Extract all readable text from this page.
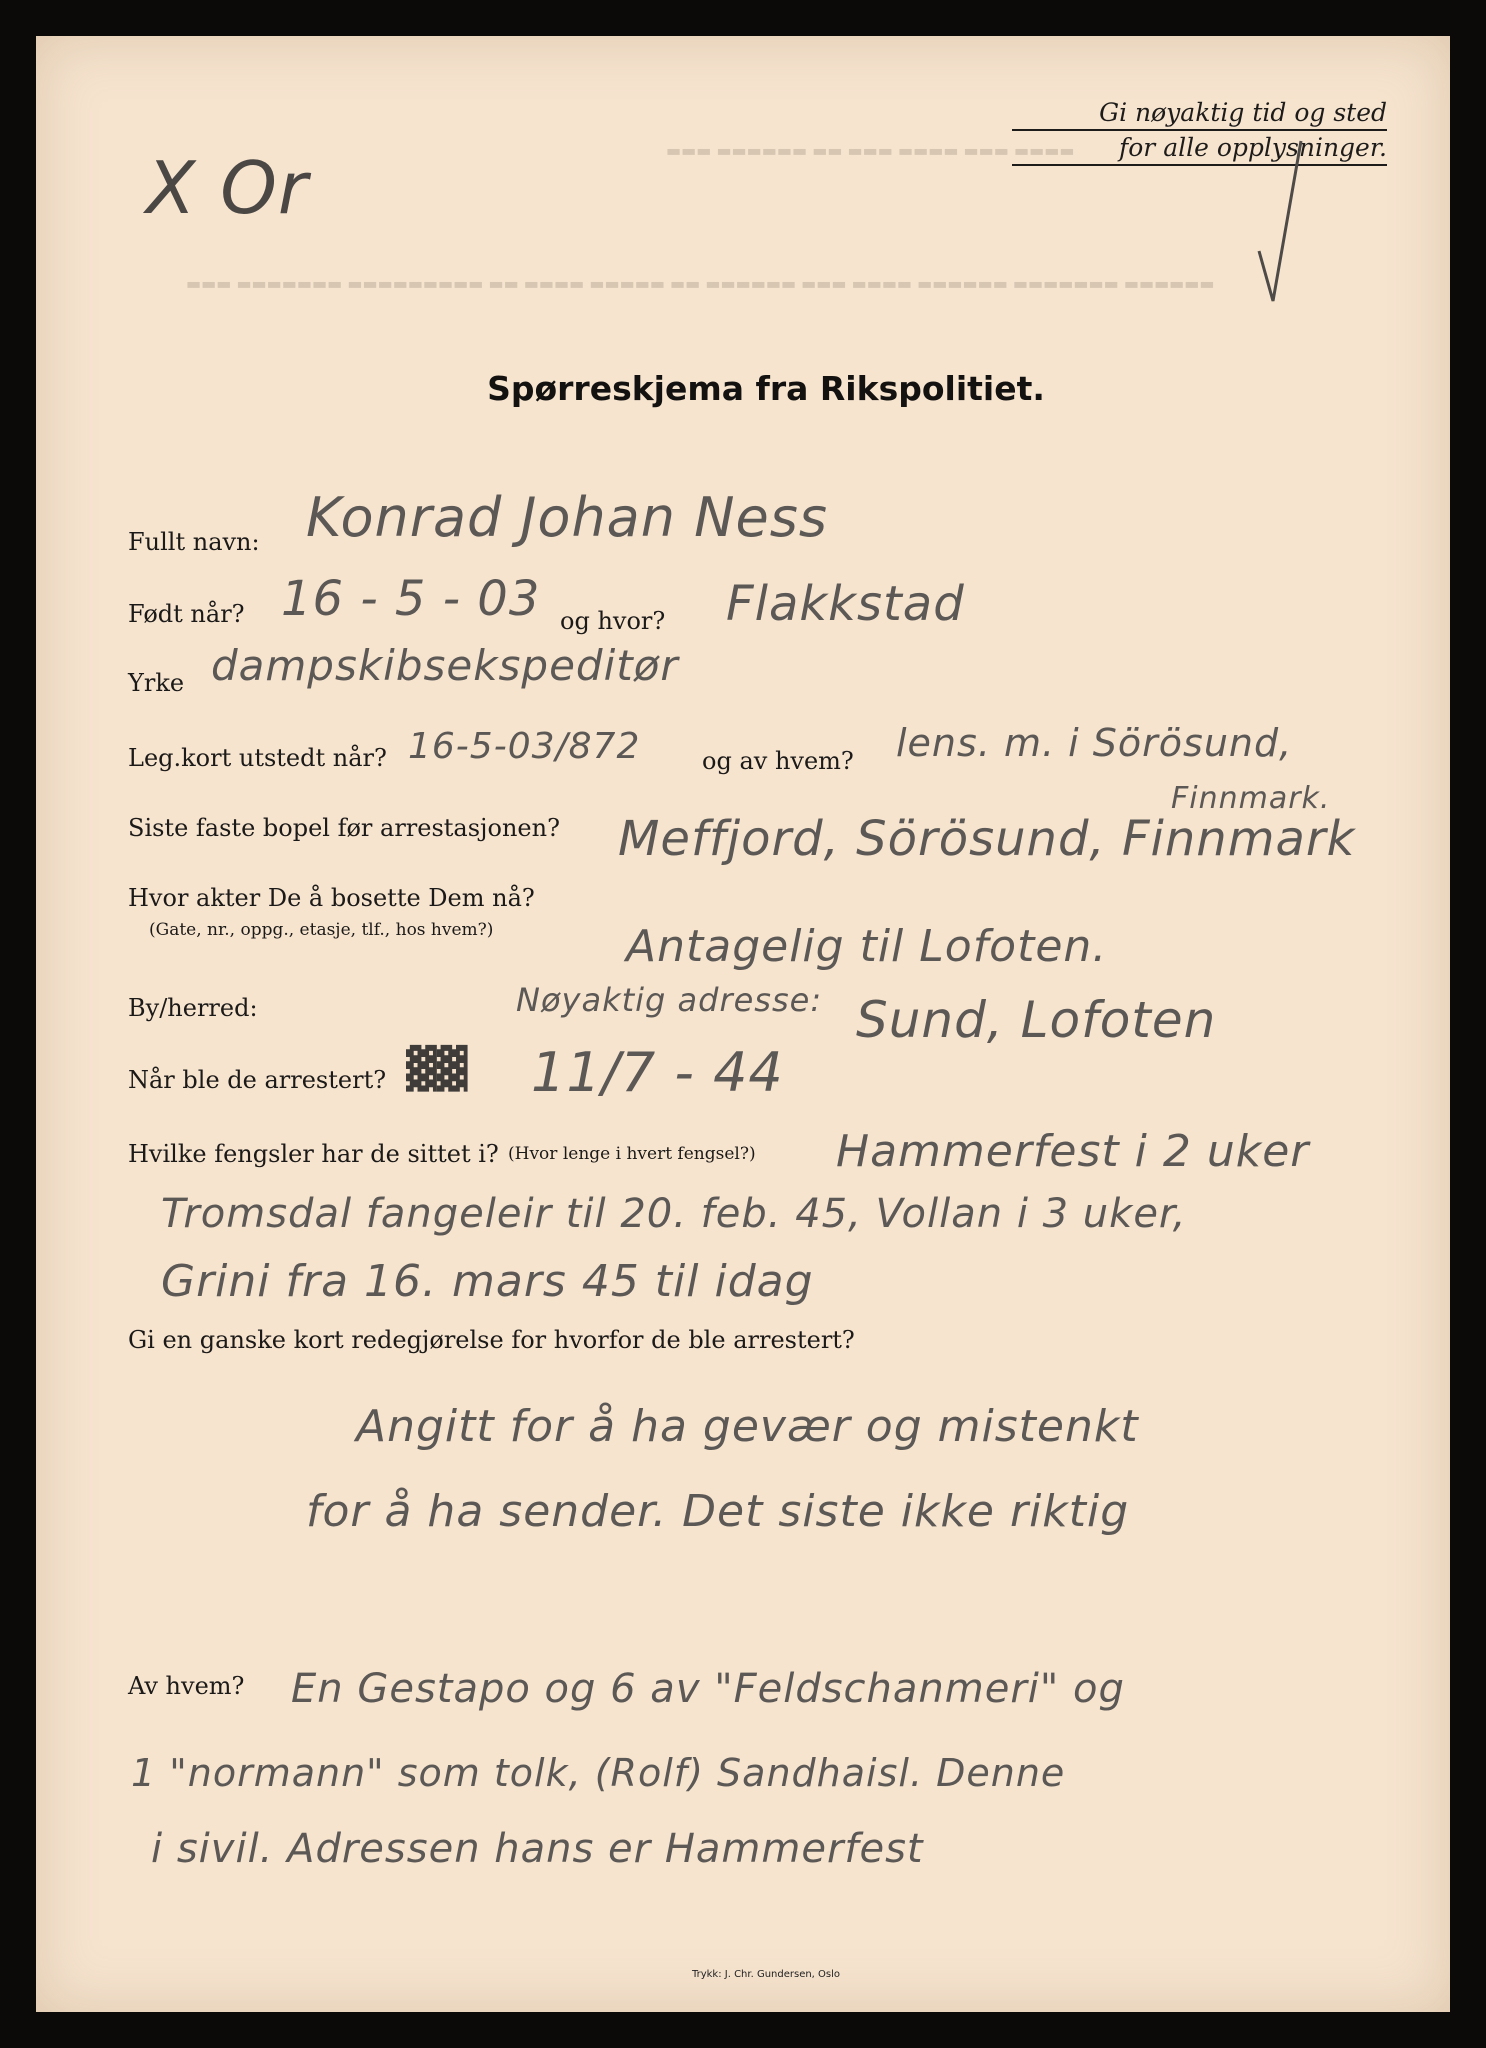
▬▬▬ ▬▬▬▬▬▬ ▬▬ ▬▬▬ ▬▬▬▬ ▬▬▬ ▬▬▬▬
▬▬▬ ▬▬▬▬▬▬▬ ▬▬▬▬▬▬▬▬▬ ▬▬ ▬▬▬▬ ▬▬▬▬▬ ▬▬ ▬▬▬▬▬▬ ▬▬▬ ▬▬▬▬ ▬▬▬▬▬▬ ▬▬▬▬▬▬▬ ▬▬▬▬▬▬
Gi nøyaktig tid og sted
for alle opplysninger.
X Or
Spørreskjema fra Rikspolitiet.
Fullt navn: Konrad Johan Ness
Født når? 16 - 5 - 03 og hvor? Flakkstad
Yrke dampskibsekspeditør
Leg.kort utstedt når? 16-5-03/872	og av hvem? lens. m. i Sörösund,
Finnmark.
Siste faste bopel før arrestasjonen? Meffjord, Sörösund, Finnmark
Hvor akter De å bosette Dem nå?
(Gate, nr., oppg., etasje, tlf., hos hvem?)	Antagelig til Lofoten.
By/herred:	Nøyaktig adresse: Sund, Lofoten
Når ble de arrestert? ▓▓ 11/7 - 44
Hvilke fengsler har de sittet i? (Hvor lenge i hvert fengsel?) Hammerfest i 2 uker
Tromsdal fangeleir til 20. feb. 45, Vollan i 3 uker,
Grini fra 16. mars 45 til idag
Gi en ganske kort redegjørelse for hvorfor de ble arrestert?
Angitt for å ha gevær og mistenkt
for å ha sender. Det siste ikke riktig
Av hvem? En Gestapo og 6 av "Feldschanmeri" og
1 "normann" som tolk, (Rolf) Sandhaisl. Denne
i sivil. Adressen hans er Hammerfest
Trykk: J. Chr. Gundersen, Oslo
